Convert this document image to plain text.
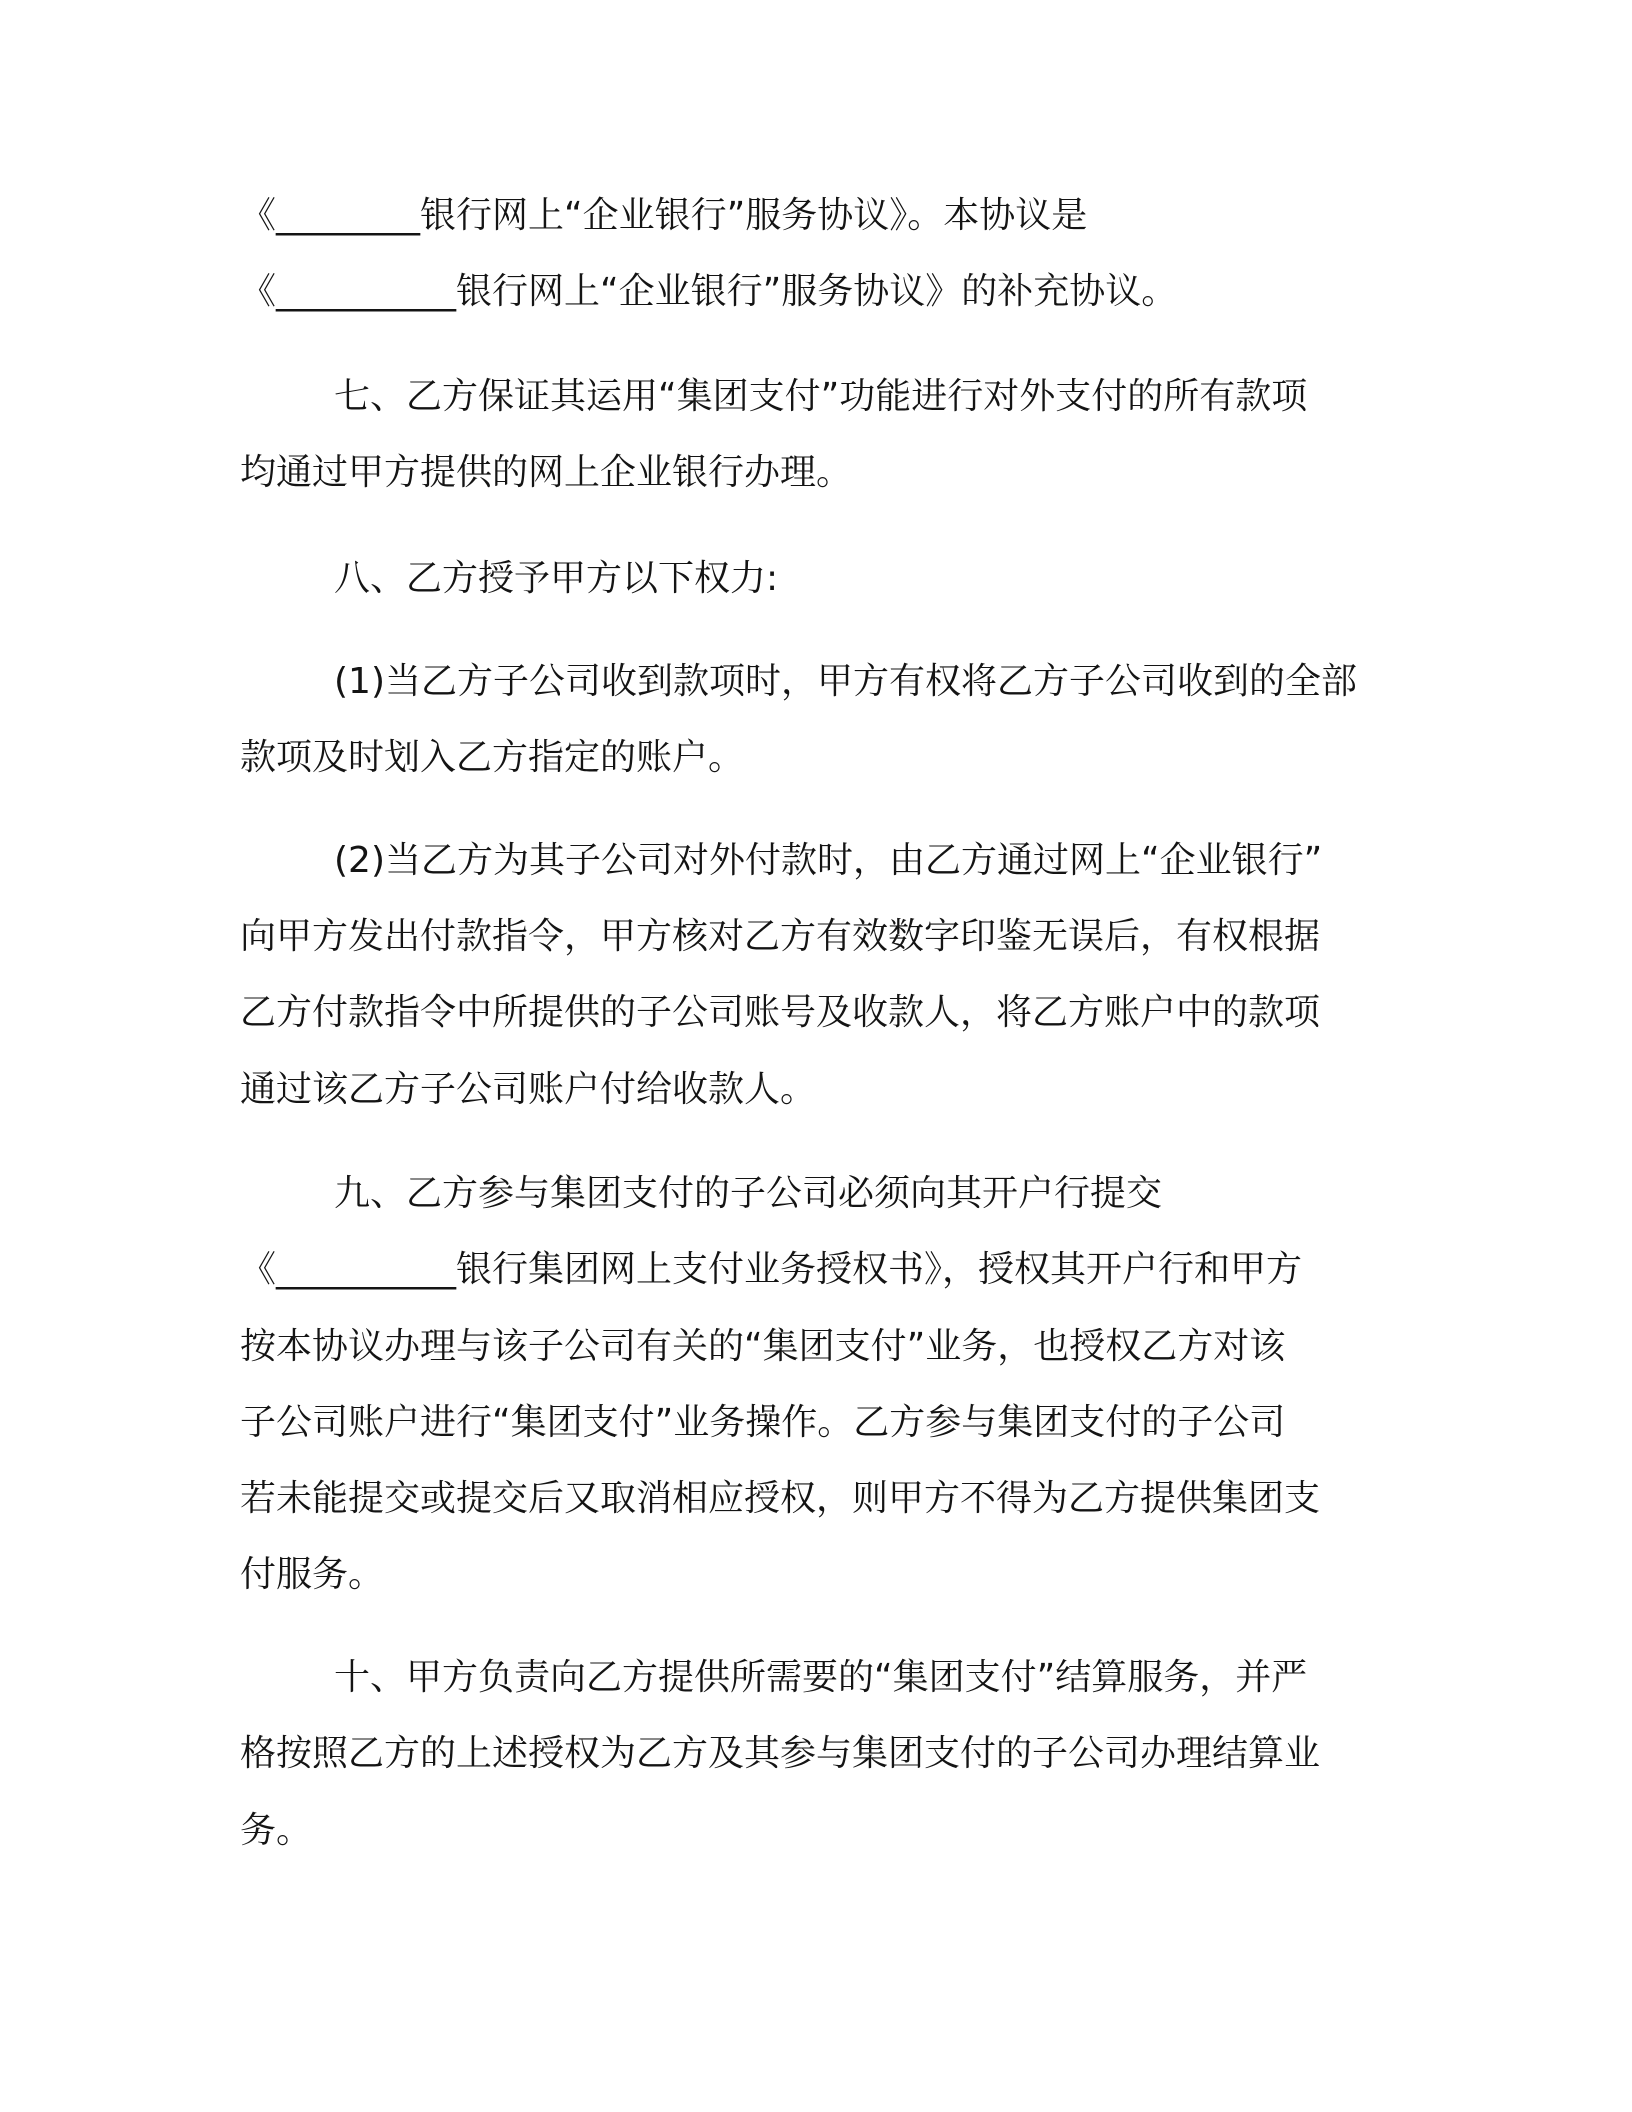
《________银行网上“企业银行”服务协议》。本协议是
《__________银行网上“企业银行”服务协议》的补充协议。
七、乙方保证其运用“集团支付”功能进行对外支付的所有款项
均通过甲方提供的网上企业银行办理。
八、乙方授予甲方以下权力:
(1)当乙方子公司收到款项时，甲方有权将乙方子公司收到的全部
款项及时划入乙方指定的账户。
(2)当乙方为其子公司对外付款时，由乙方通过网上“企业银行”
向甲方发出付款指令，甲方核对乙方有效数字印鉴无误后，有权根据
乙方付款指令中所提供的子公司账号及收款人，将乙方账户中的款项
通过该乙方子公司账户付给收款人。
九、乙方参与集团支付的子公司必须向其开户行提交
《__________银行集团网上支付业务授权书》，授权其开户行和甲方
按本协议办理与该子公司有关的“集团支付”业务，也授权乙方对该
子公司账户进行“集团支付”业务操作。乙方参与集团支付的子公司
若未能提交或提交后又取消相应授权，则甲方不得为乙方提供集团支
付服务。
十、甲方负责向乙方提供所需要的“集团支付”结算服务，并严
格按照乙方的上述授权为乙方及其参与集团支付的子公司办理结算业
务。
